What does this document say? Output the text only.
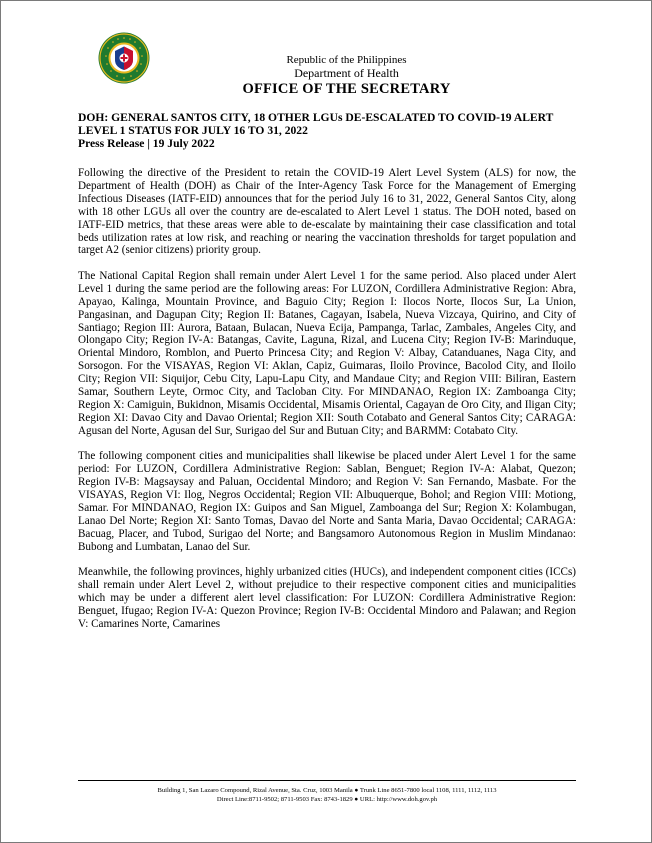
Republic of the Philippines
Department of Health
OFFICE OF THE SECRETARY

DOH: GENERAL SANTOS CITY, 18 OTHER LGUs DE-ESCALATED TO COVID-19 ALERT LEVEL 1 STATUS FOR JULY 16 TO 31, 2022

Press Release | 19 July 2022

Following the directive of the President to retain the COVID-19 Alert Level System (ALS) for now, the Department of Health (DOH) as Chair of the Inter-Agency Task Force for the Management of Emerging Infectious Diseases (IATF-EID) announces that for the period July 16 to 31, 2022, General Santos City, along with 18 other LGUs all over the country are de-escalated to Alert Level 1 status. The DOH noted, based on IATF-EID metrics, that these areas were able to de-escalate by maintaining their case classification and total beds utilization rates at low risk, and reaching or nearing the vaccination thresholds for target population and target A2 (senior citizens) priority group.

The National Capital Region shall remain under Alert Level 1 for the same period. Also placed under Alert Level 1 during the same period are the following areas: For LUZON, Cordillera Administrative Region: Abra, Apayao, Kalinga, Mountain Province, and Baguio City; Region I: Ilocos Norte, Ilocos Sur, La Union, Pangasinan, and Dagupan City; Region II: Batanes, Cagayan, Isabela, Nueva Vizcaya, Quirino, and City of Santiago; Region III: Aurora, Bataan, Bulacan, Nueva Ecija, Pampanga, Tarlac, Zambales, Angeles City, and Olongapo City; Region IV-A: Batangas, Cavite, Laguna, Rizal, and Lucena City; Region IV-B: Marinduque, Oriental Mindoro, Romblon, and Puerto Princesa City; and Region V: Albay, Catanduanes, Naga City, and Sorsogon. For the VISAYAS, Region VI: Aklan, Capiz, Guimaras, Iloilo Province, Bacolod City, and Iloilo City; Region VII: Siquijor, Cebu City, Lapu-Lapu City, and Mandaue City; and Region VIII: Biliran, Eastern Samar, Southern Leyte, Ormoc City, and Tacloban City. For MINDANAO, Region IX: Zamboanga City; Region X: Camiguin, Bukidnon, Misamis Occidental, Misamis Oriental, Cagayan de Oro City, and Iligan City; Region XI: Davao City and Davao Oriental; Region XII: South Cotabato and General Santos City; CARAGA: Agusan del Norte, Agusan del Sur, Surigao del Sur and Butuan City; and BARMM: Cotabato City.

The following component cities and municipalities shall likewise be placed under Alert Level 1 for the same period: For LUZON, Cordillera Administrative Region: Sablan, Benguet; Region IV-A: Alabat, Quezon; Region IV-B: Magsaysay and Paluan, Occidental Mindoro; and Region V: San Fernando, Masbate. For the VISAYAS, Region VI: Ilog, Negros Occidental; Region VII: Albuquerque, Bohol; and Region VIII: Motiong, Samar. For MINDANAO, Region IX: Guipos and San Miguel, Zamboanga del Sur; Region X: Kolambugan, Lanao Del Norte; Region XI: Santo Tomas, Davao del Norte and Santa Maria, Davao Occidental; CARAGA: Bacuag, Placer, and Tubod, Surigao del Norte; and Bangsamoro Autonomous Region in Muslim Mindanao: Bubong and Lumbatan, Lanao del Sur.

Meanwhile, the following provinces, highly urbanized cities (HUCs), and independent component cities (ICCs) shall remain under Alert Level 2, without prejudice to their respective component cities and municipalities which may be under a different alert level classification: For LUZON: Cordillera Administrative Region: Benguet, Ifugao; Region IV-A: Quezon Province; Region IV-B: Occidental Mindoro and Palawan; and Region V: Camarines Norte, Camarines

Building 1, San Lazaro Compound, Rizal Avenue, Sta. Cruz, 1003 Manila ● Trunk Line 8651-7800 local 1108, 1111, 1112, 1113
Direct Line:8711-9502; 8711-9503 Fax: 8743-1829 ● URL: http://www.doh.gov.ph
